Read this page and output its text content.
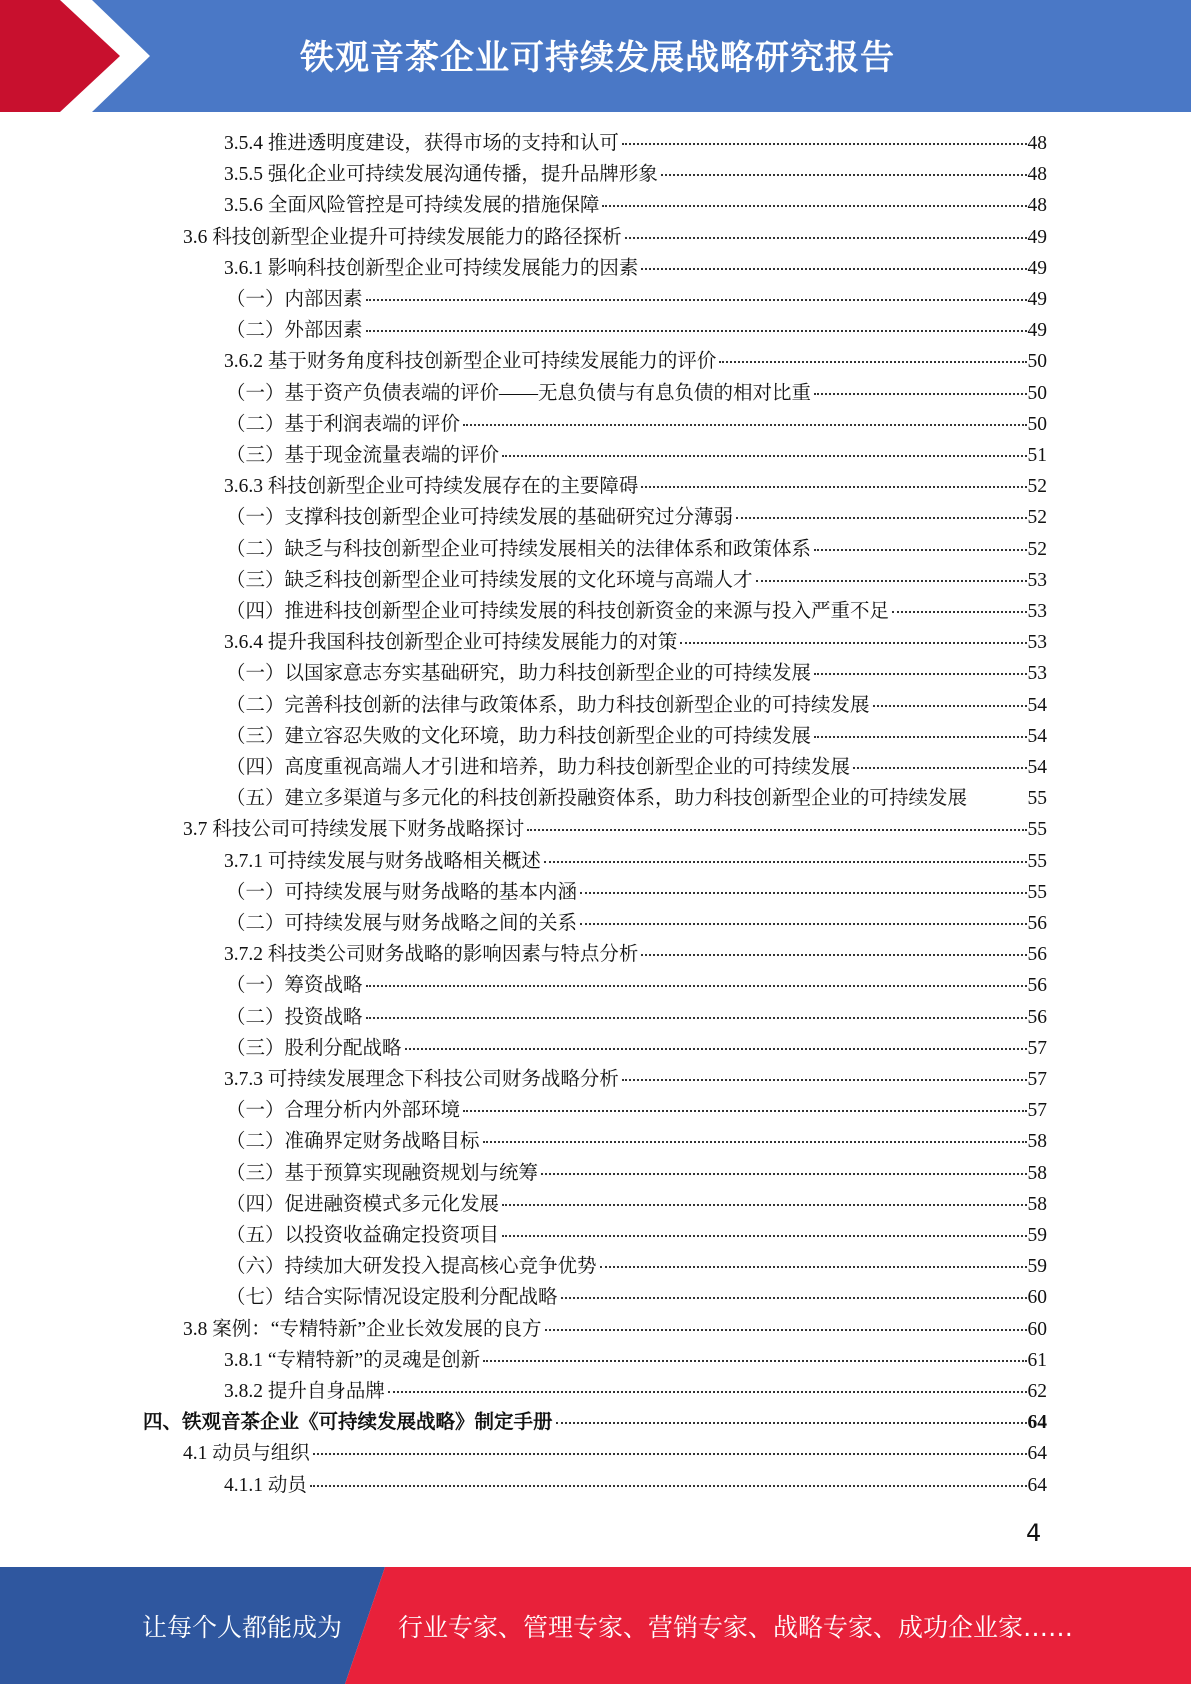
铁观音茶企业可持续发展战略研究报告
3.5.4 推进透明度建设，获得市场的支持和认可	48
3.5.5 强化企业可持续发展沟通传播，提升品牌形象	48
3.5.6 全面风险管控是可持续发展的措施保障	48
3.6 科技创新型企业提升可持续发展能力的路径探析	49
3.6.1 影响科技创新型企业可持续发展能力的因素	49
（一）内部因素	49
（二）外部因素	49
3.6.2 基于财务角度科技创新型企业可持续发展能力的评价	50
（一）基于资产负债表端的评价——无息负债与有息负债的相对比重	50
（二）基于利润表端的评价	50
（三）基于现金流量表端的评价	51
3.6.3 科技创新型企业可持续发展存在的主要障碍	52
（一）支撑科技创新型企业可持续发展的基础研究过分薄弱	52
（二）缺乏与科技创新型企业可持续发展相关的法律体系和政策体系	52
（三）缺乏科技创新型企业可持续发展的文化环境与高端人才	53
（四）推进科技创新型企业可持续发展的科技创新资金的来源与投入严重不足	53
3.6.4 提升我国科技创新型企业可持续发展能力的对策	53
（一）以国家意志夯实基础研究，助力科技创新型企业的可持续发展	53
（二）完善科技创新的法律与政策体系，助力科技创新型企业的可持续发展	54
（三）建立容忍失败的文化环境，助力科技创新型企业的可持续发展	54
（四）高度重视高端人才引进和培养，助力科技创新型企业的可持续发展	54
（五）建立多渠道与多元化的科技创新投融资体系，助力科技创新型企业的可持续发展	55
3.7 科技公司可持续发展下财务战略探讨	55
3.7.1 可持续发展与财务战略相关概述	55
（一）可持续发展与财务战略的基本内涵	55
（二）可持续发展与财务战略之间的关系	56
3.7.2 科技类公司财务战略的影响因素与特点分析	56
（一）筹资战略	56
（二）投资战略	56
（三）股利分配战略	57
3.7.3 可持续发展理念下科技公司财务战略分析	57
（一）合理分析内外部环境	57
（二）准确界定财务战略目标	58
（三）基于预算实现融资规划与统筹	58
（四）促进融资模式多元化发展	58
（五）以投资收益确定投资项目	59
（六）持续加大研发投入提高核心竞争优势	59
（七）结合实际情况设定股利分配战略	60
3.8 案例：“专精特新”企业长效发展的良方	60
3.8.1 “专精特新”的灵魂是创新	61
3.8.2 提升自身品牌	62
四、铁观音茶企业《可持续发展战略》制定手册	64
4.1 动员与组织	64
4.1.1 动员	64
4
让每个人都能成为 行业专家、管理专家、营销专家、战略专家、成功企业家……
